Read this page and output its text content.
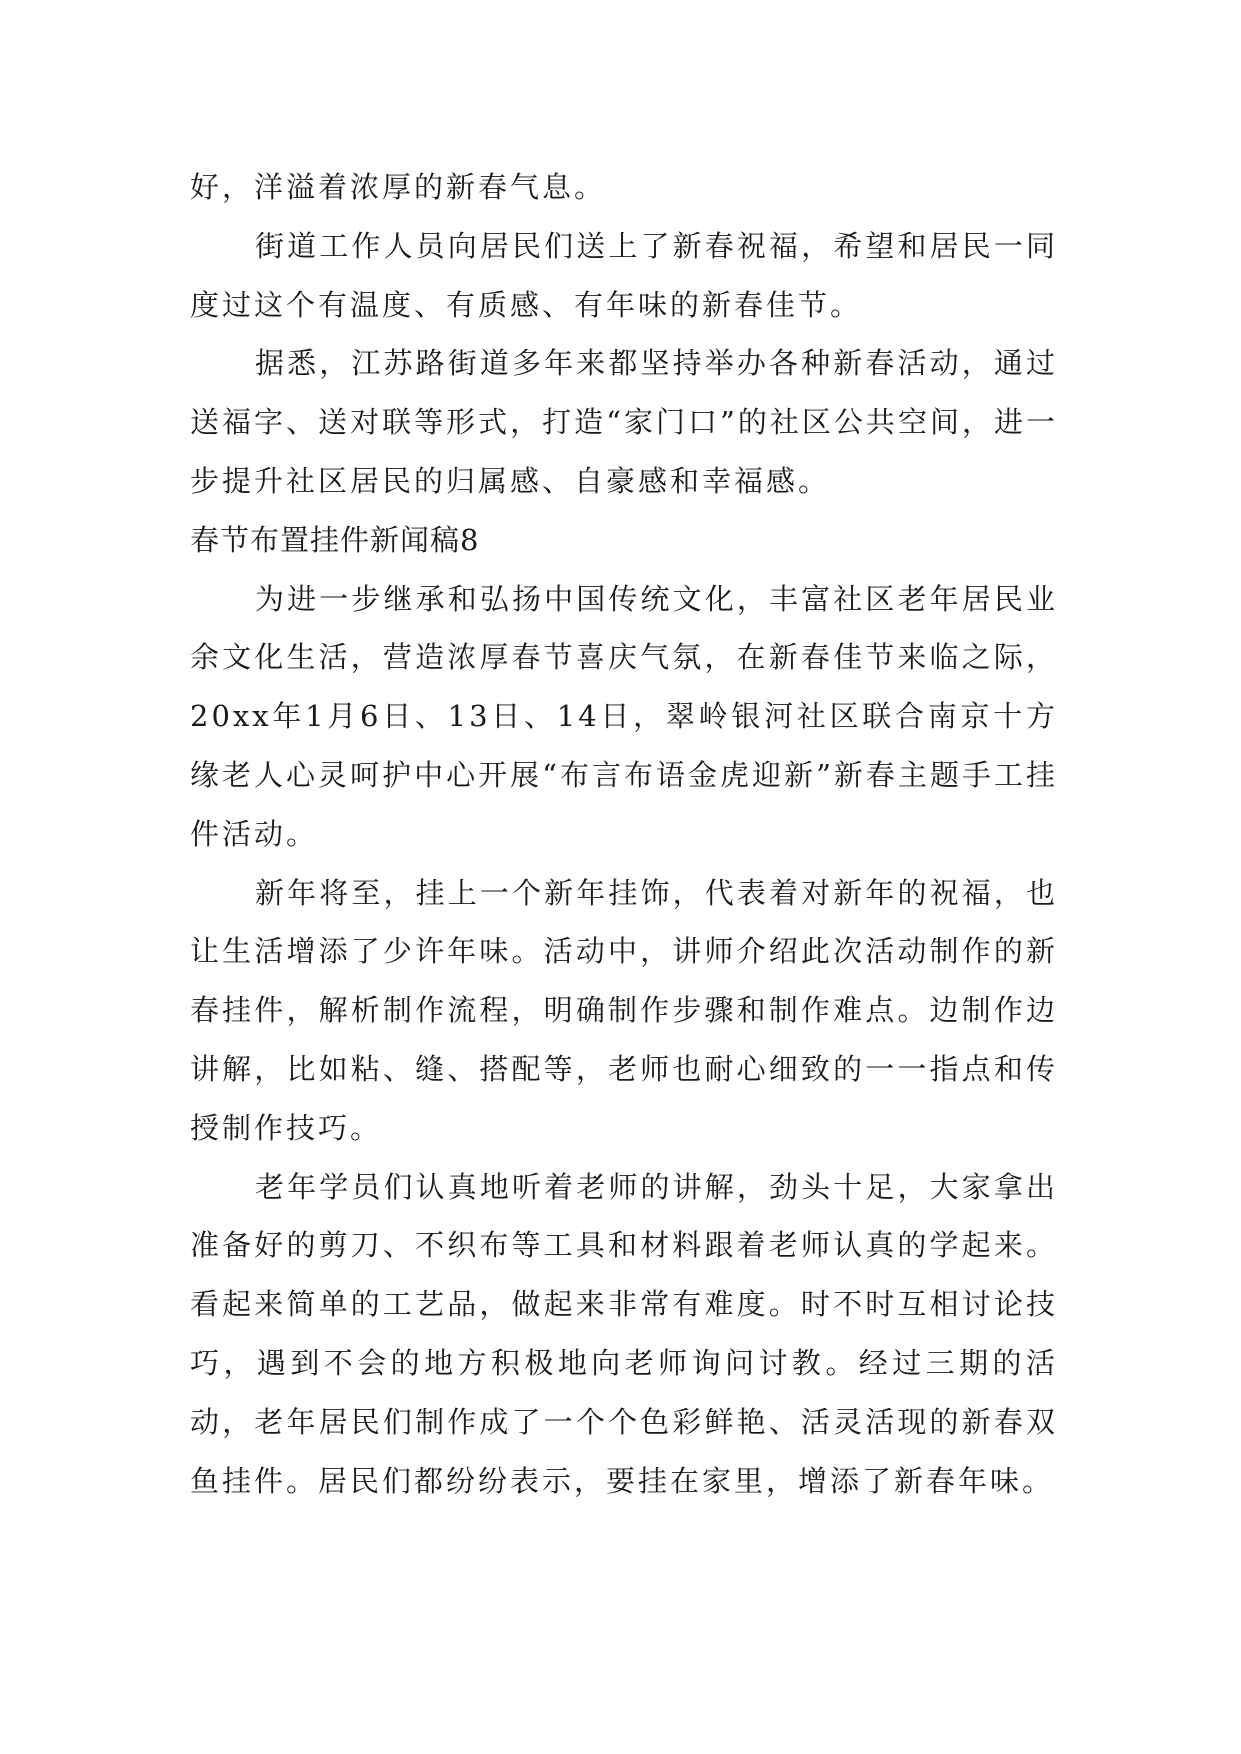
好，洋溢着浓厚的新春气息。

街道工作人员向居民们送上了新春祝福，希望和居民一同度过这个有温度、有质感、有年味的新春佳节。

据悉，江苏路街道多年来都坚持举办各种新春活动，通过送福字、送对联等形式，打造“家门口”的社区公共空间，进一步提升社区居民的归属感、自豪感和幸福感。

春节布置挂件新闻稿8

为进一步继承和弘扬中国传统文化，丰富社区老年居民业余文化生活，营造浓厚春节喜庆气氛，在新春佳节来临之际，20xx年1月6日、13日、14日，翠岭银河社区联合南京十方缘老人心灵呵护中心开展“布言布语金虎迎新”新春主题手工挂件活动。

新年将至，挂上一个新年挂饰，代表着对新年的祝福，也让生活增添了少许年味。活动中，讲师介绍此次活动制作的新春挂件，解析制作流程，明确制作步骤和制作难点。边制作边讲解，比如粘、缝、搭配等，老师也耐心细致的一一指点和传授制作技巧。

老年学员们认真地听着老师的讲解，劲头十足，大家拿出准备好的剪刀、不织布等工具和材料跟着老师认真的学起来。看起来简单的工艺品，做起来非常有难度。时不时互相讨论技巧，遇到不会的地方积极地向老师询问讨教。经过三期的活动，老年居民们制作成了一个个色彩鲜艳、活灵活现的新春双鱼挂件。居民们都纷纷表示，要挂在家里，增添了新春年味。
